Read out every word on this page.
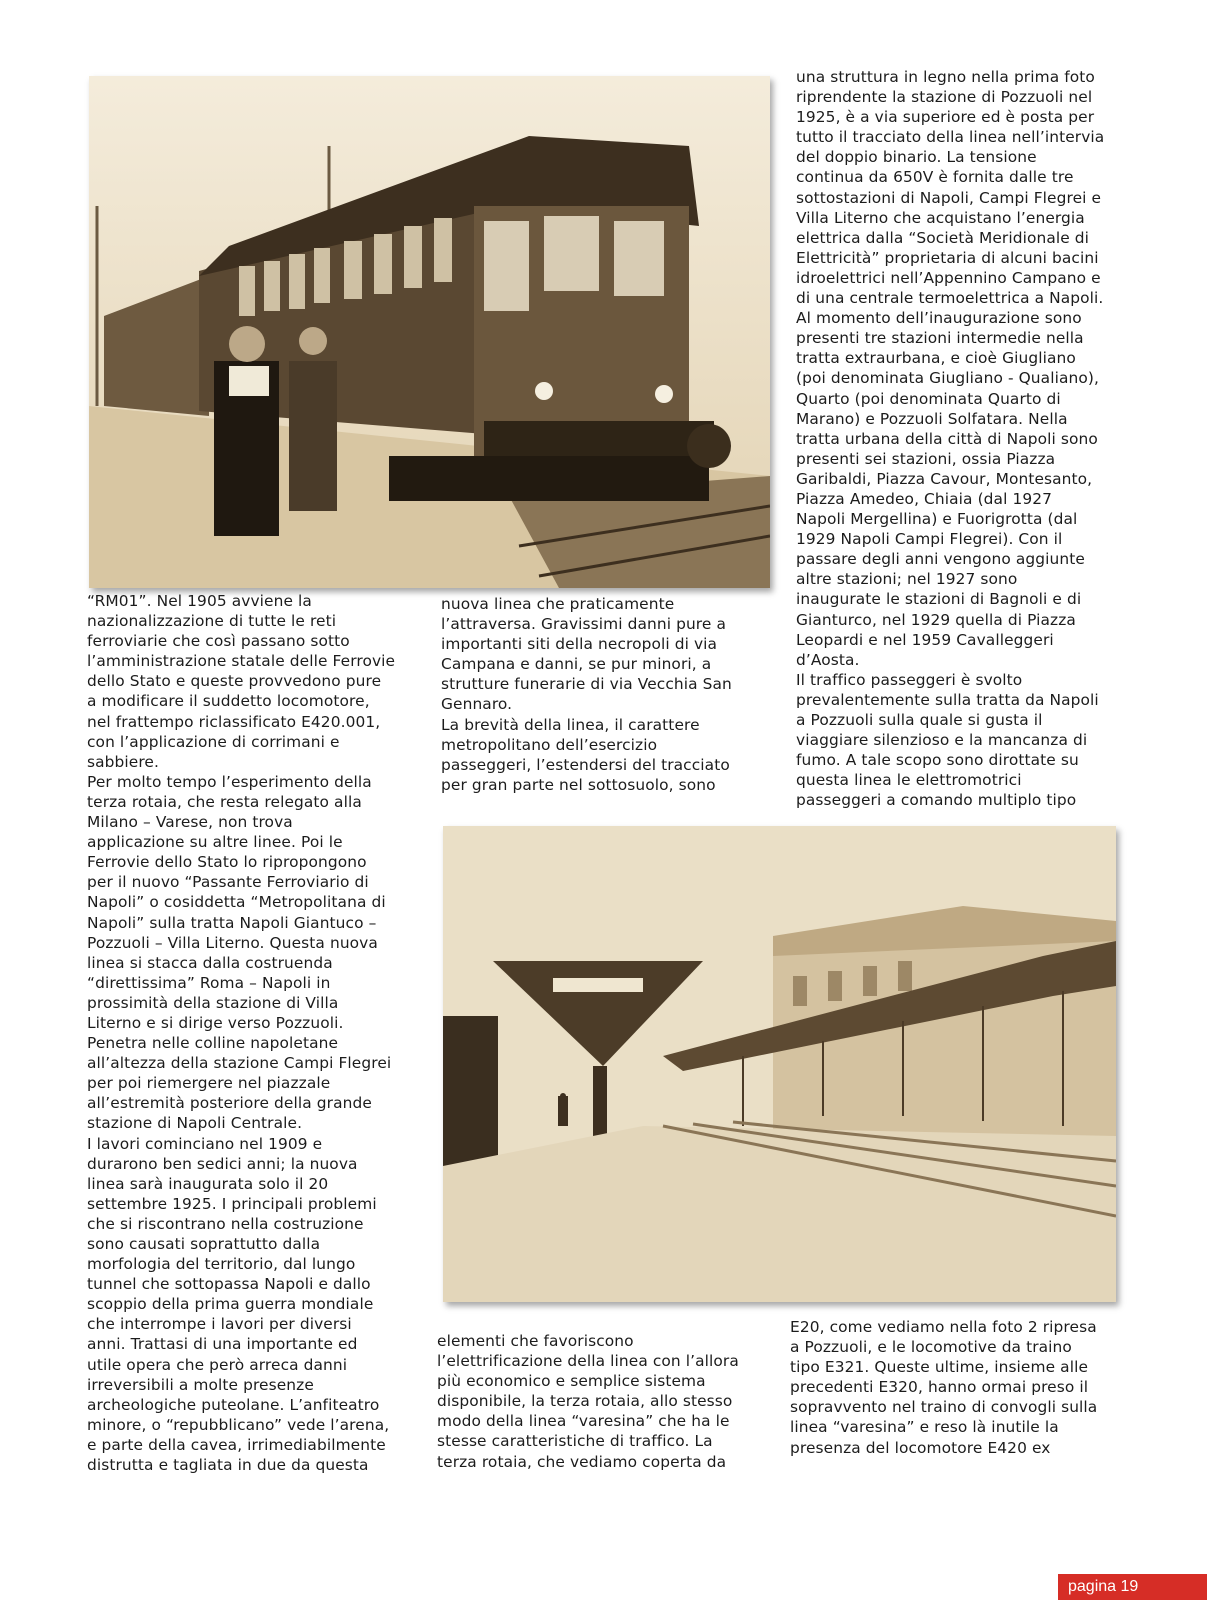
una struttura in legno nella prima foto
riprendente la stazione di Pozzuoli nel
1925, è a via superiore ed è posta per
tutto il tracciato della linea nell’intervia
del doppio binario. La tensione
continua da 650V è fornita dalle tre
sottostazioni di Napoli, Campi Flegrei e
Villa Literno che acquistano l’energia
elettrica dalla “Società Meridionale di
Elettricità” proprietaria di alcuni bacini
idroelettrici nell’Appennino Campano e
di una centrale termoelettrica a Napoli.
Al momento dell’inaugurazione sono
presenti tre stazioni intermedie nella
tratta extraurbana, e cioè Giugliano
(poi denominata Giugliano - Qualiano),
Quarto (poi denominata Quarto di
Marano) e Pozzuoli Solfatara. Nella
tratta urbana della città di Napoli sono
presenti sei stazioni, ossia Piazza
Garibaldi, Piazza Cavour, Montesanto,
Piazza Amedeo, Chiaia (dal 1927
Napoli Mergellina) e Fuorigrotta (dal
1929 Napoli Campi Flegrei). Con il
passare degli anni vengono aggiunte
altre stazioni; nel 1927 sono
inaugurate le stazioni di Bagnoli e di
Gianturco, nel 1929 quella di Piazza
Leopardi e nel 1959 Cavalleggeri
d’Aosta.
Il traffico passeggeri è svolto
prevalentemente sulla tratta da Napoli
a Pozzuoli sulla quale si gusta il
viaggiare silenzioso e la mancanza di
fumo. A tale scopo sono dirottate su
questa linea le elettromotrici
passeggeri a comando multiplo tipo

“RM01”. Nel 1905 avviene la
nazionalizzazione di tutte le reti
ferroviarie che così passano sotto
l’amministrazione statale delle Ferrovie
dello Stato e queste provvedono pure
a modificare il suddetto locomotore,
nel frattempo riclassificato E420.001,
con l’applicazione di corrimani e
sabbiere.
Per molto tempo l’esperimento della
terza rotaia, che resta relegato alla
Milano – Varese, non trova
applicazione su altre linee. Poi le
Ferrovie dello Stato lo ripropongono
per il nuovo “Passante Ferroviario di
Napoli” o cosiddetta “Metropolitana di
Napoli” sulla tratta Napoli Giantuco –
Pozzuoli – Villa Literno. Questa nuova
linea si stacca dalla costruenda
“direttissima” Roma – Napoli in
prossimità della stazione di Villa
Literno e si dirige verso Pozzuoli.
Penetra nelle colline napoletane
all’altezza della stazione Campi Flegrei
per poi riemergere nel piazzale
all’estremità posteriore della grande
stazione di Napoli Centrale.
I lavori cominciano nel 1909 e
durarono ben sedici anni; la nuova
linea sarà inaugurata solo il 20
settembre 1925. I principali problemi
che si riscontrano nella costruzione
sono causati soprattutto dalla
morfologia del territorio, dal lungo
tunnel che sottopassa Napoli e dallo
scoppio della prima guerra mondiale
che interrompe i lavori per diversi
anni. Trattasi di una importante ed
utile opera che però arreca danni
irreversibili a molte presenze
archeologiche puteolane. L’anfiteatro
minore, o “repubblicano” vede l’arena,
e parte della cavea, irrimediabilmente
distrutta e tagliata in due da questa

nuova linea che praticamente
l’attraversa. Gravissimi danni pure a
importanti siti della necropoli di via
Campana e danni, se pur minori, a
strutture funerarie di via Vecchia San
Gennaro.
La brevità della linea, il carattere
metropolitano dell’esercizio
passeggeri, l’estendersi del tracciato
per gran parte nel sottosuolo, sono

elementi che favoriscono
l’elettrificazione della linea con l’allora
più economico e semplice sistema
disponibile, la terza rotaia, allo stesso
modo della linea “varesina” che ha le
stesse caratteristiche di traffico. La
terza rotaia, che vediamo coperta da

E20, come vediamo nella foto 2 ripresa
a Pozzuoli, e le locomotive da traino
tipo E321. Queste ultime, insieme alle
precedenti E320, hanno ormai preso il
sopravvento nel traino di convogli sulla
linea “varesina” e reso là inutile la
presenza del locomotore E420 ex

pagina 19
